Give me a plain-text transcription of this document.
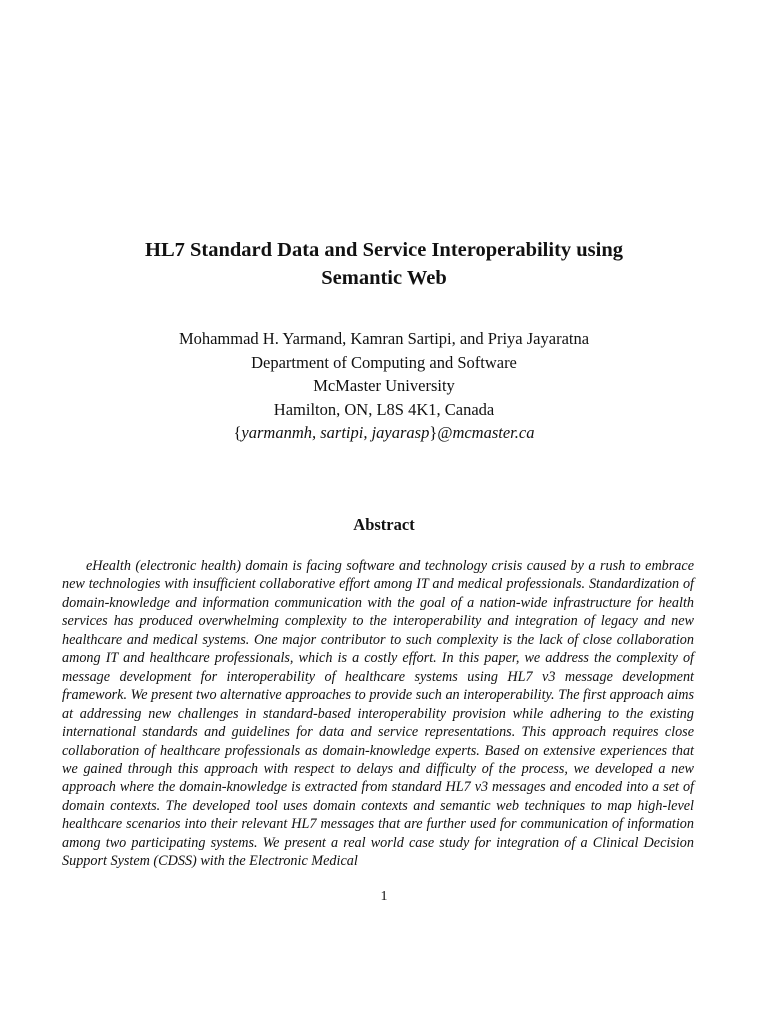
HL7 Standard Data and Service Interoperability using
Semantic Web
Mohammad H. Yarmand, Kamran Sartipi, and Priya Jayaratna
Department of Computing and Software
McMaster University
Hamilton, ON, L8S 4K1, Canada
{yarmanmh, sartipi, jayarasp}@mcmaster.ca
Abstract

eHealth (electronic health) domain is facing software and technology crisis caused by a rush to embrace new technologies with insufficient collaborative effort among IT and medical professionals. Standardization of domain-knowledge and information communication with the goal of a nation-wide infrastructure for health services has produced overwhelming complexity to the interoperability and integration of legacy and new healthcare and medical systems. One major contributor to such complexity is the lack of close collaboration among IT and healthcare professionals, which is a costly effort. In this paper, we address the complexity of message development for interoperability of healthcare systems using HL7 v3 message development framework. We present two alternative approaches to provide such an interoperability. The first approach aims at addressing new challenges in standard-based interoperability provision while adhering to the existing international standards and guidelines for data and service representations. This approach requires close collaboration of healthcare professionals as domain-knowledge experts. Based on extensive experiences that we gained through this approach with respect to delays and difficulty of the process, we developed a new approach where the domain-knowledge is extracted from standard HL7 v3 messages and encoded into a set of domain contexts. The developed tool uses domain contexts and semantic web techniques to map high-level healthcare scenarios into their relevant HL7 messages that are further used for communication of information among two participating systems. We present a real world case study for integration of a Clinical Decision Support System (CDSS) with the Electronic Medical

1
